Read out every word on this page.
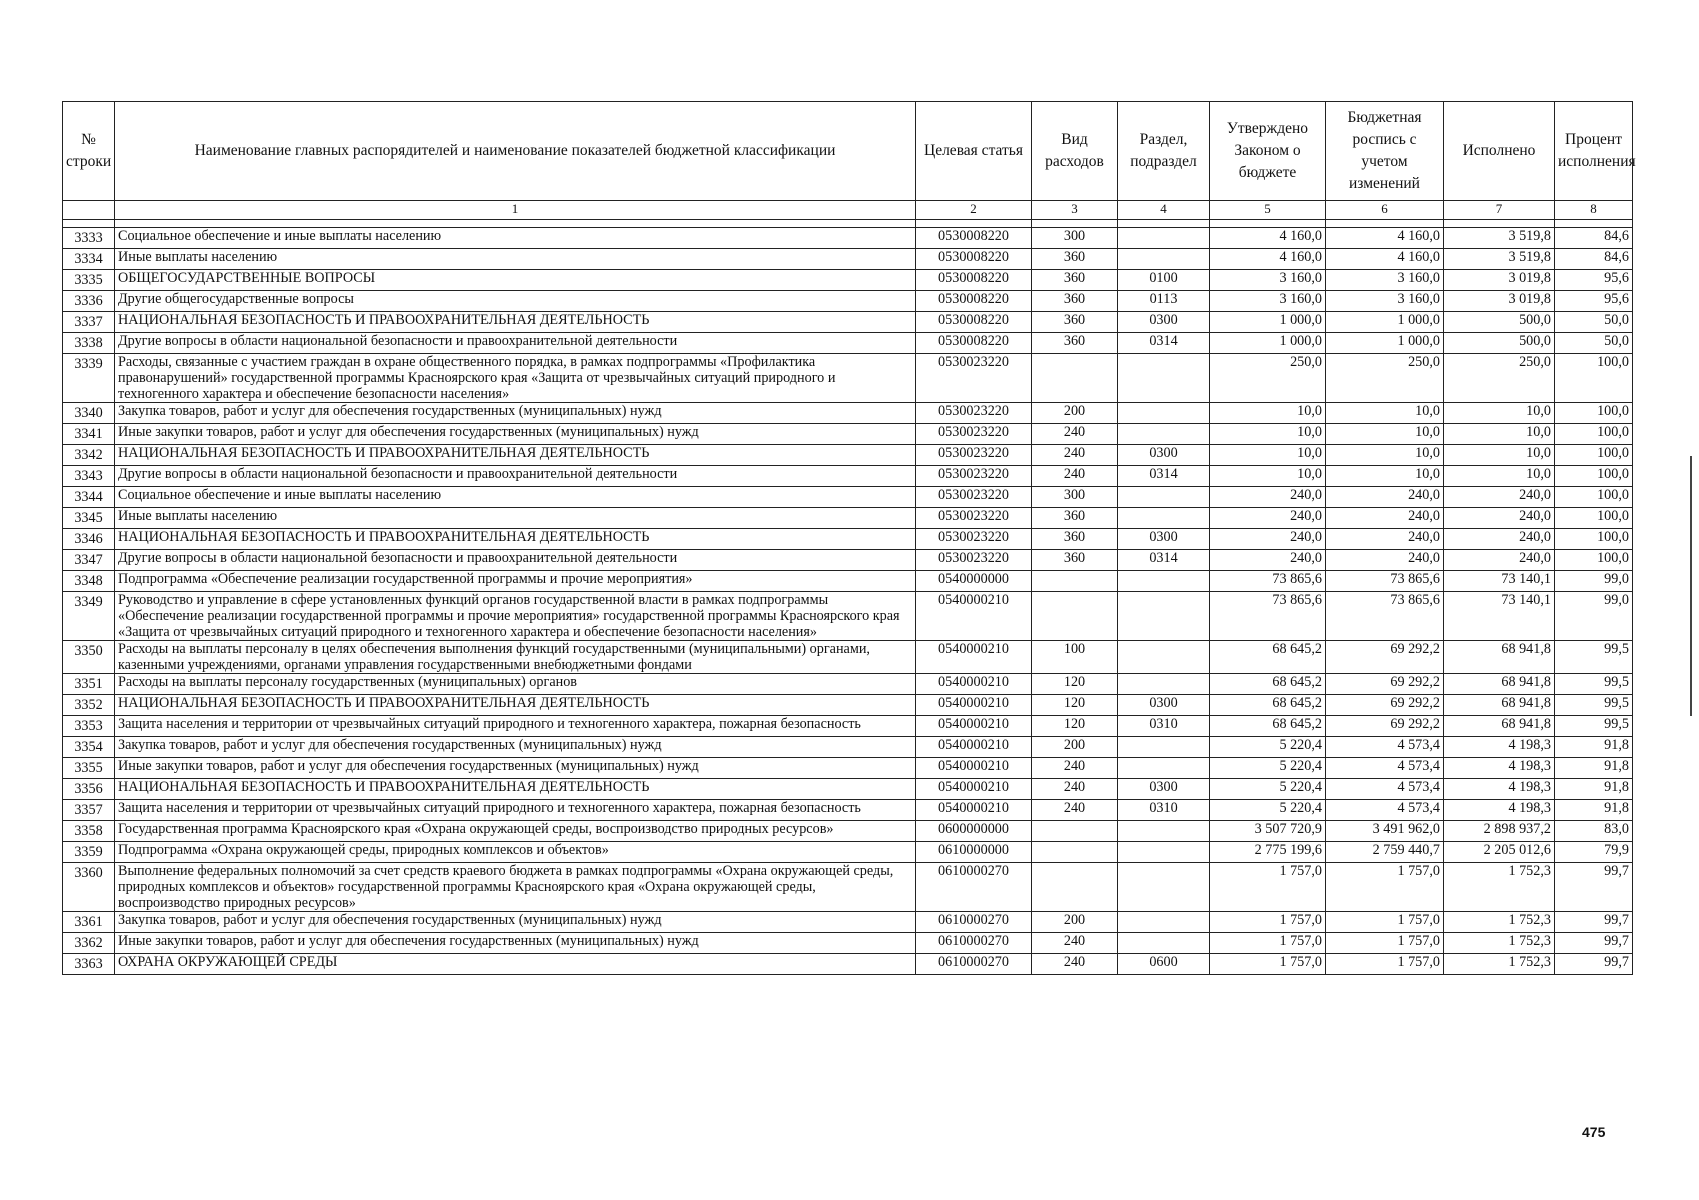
№ строки	Наименование главных распорядителей и наименование показателей бюджетной классификации	Целевая статья	Вид расходов	Раздел, подраздел	Утверждено Законом о бюджете	Бюджетная роспись с учетом изменений	Исполнено	Процент исполнения
	1	2	3	4	5	6	7	8

3333	Социальное обеспечение и иные выплаты населению	0530008220	300		4 160,0	4 160,0	3 519,8	84,6
3334	Иные выплаты населению	0530008220	360		4 160,0	4 160,0	3 519,8	84,6
3335	ОБЩЕГОСУДАРСТВЕННЫЕ ВОПРОСЫ	0530008220	360	0100	3 160,0	3 160,0	3 019,8	95,6
3336	Другие общегосударственные вопросы	0530008220	360	0113	3 160,0	3 160,0	3 019,8	95,6
3337	НАЦИОНАЛЬНАЯ БЕЗОПАСНОСТЬ И ПРАВООХРАНИТЕЛЬНАЯ ДЕЯТЕЛЬНОСТЬ	0530008220	360	0300	1 000,0	1 000,0	500,0	50,0
3338	Другие вопросы в области национальной безопасности и правоохранительной деятельности	0530008220	360	0314	1 000,0	1 000,0	500,0	50,0
3339	Расходы, связанные с участием граждан в охране общественного порядка, в рамках подпрограммы «Профилактика правонарушений» государственной программы Красноярского края «Защита от чрезвычайных ситуаций природного и техногенного характера и обеспечение безопасности населения»	0530023220			250,0	250,0	250,0	100,0
3340	Закупка товаров, работ и услуг для обеспечения государственных (муниципальных) нужд	0530023220	200		10,0	10,0	10,0	100,0
3341	Иные закупки товаров, работ и услуг для обеспечения государственных (муниципальных) нужд	0530023220	240		10,0	10,0	10,0	100,0
3342	НАЦИОНАЛЬНАЯ БЕЗОПАСНОСТЬ И ПРАВООХРАНИТЕЛЬНАЯ ДЕЯТЕЛЬНОСТЬ	0530023220	240	0300	10,0	10,0	10,0	100,0
3343	Другие вопросы в области национальной безопасности и правоохранительной деятельности	0530023220	240	0314	10,0	10,0	10,0	100,0
3344	Социальное обеспечение и иные выплаты населению	0530023220	300		240,0	240,0	240,0	100,0
3345	Иные выплаты населению	0530023220	360		240,0	240,0	240,0	100,0
3346	НАЦИОНАЛЬНАЯ БЕЗОПАСНОСТЬ И ПРАВООХРАНИТЕЛЬНАЯ ДЕЯТЕЛЬНОСТЬ	0530023220	360	0300	240,0	240,0	240,0	100,0
3347	Другие вопросы в области национальной безопасности и правоохранительной деятельности	0530023220	360	0314	240,0	240,0	240,0	100,0
3348	Подпрограмма «Обеспечение реализации государственной программы и прочие мероприятия»	0540000000			73 865,6	73 865,6	73 140,1	99,0
3349	Руководство и управление в сфере установленных функций органов государственной власти в рамках подпрограммы «Обеспечение реализации государственной программы и прочие мероприятия» государственной программы Красноярского края «Защита от чрезвычайных ситуаций природного и техногенного характера и обеспечение безопасности населения»	0540000210			73 865,6	73 865,6	73 140,1	99,0
3350	Расходы на выплаты персоналу в целях обеспечения выполнения функций государственными (муниципальными) органами, казенными учреждениями, органами управления государственными внебюджетными фондами	0540000210	100		68 645,2	69 292,2	68 941,8	99,5
3351	Расходы на выплаты персоналу государственных (муниципальных) органов	0540000210	120		68 645,2	69 292,2	68 941,8	99,5
3352	НАЦИОНАЛЬНАЯ БЕЗОПАСНОСТЬ И ПРАВООХРАНИТЕЛЬНАЯ ДЕЯТЕЛЬНОСТЬ	0540000210	120	0300	68 645,2	69 292,2	68 941,8	99,5
3353	Защита населения и территории от чрезвычайных ситуаций природного и техногенного характера, пожарная безопасность	0540000210	120	0310	68 645,2	69 292,2	68 941,8	99,5
3354	Закупка товаров, работ и услуг для обеспечения государственных (муниципальных) нужд	0540000210	200		5 220,4	4 573,4	4 198,3	91,8
3355	Иные закупки товаров, работ и услуг для обеспечения государственных (муниципальных) нужд	0540000210	240		5 220,4	4 573,4	4 198,3	91,8
3356	НАЦИОНАЛЬНАЯ БЕЗОПАСНОСТЬ И ПРАВООХРАНИТЕЛЬНАЯ ДЕЯТЕЛЬНОСТЬ	0540000210	240	0300	5 220,4	4 573,4	4 198,3	91,8
3357	Защита населения и территории от чрезвычайных ситуаций природного и техногенного характера, пожарная безопасность	0540000210	240	0310	5 220,4	4 573,4	4 198,3	91,8
3358	Государственная программа Красноярского края «Охрана окружающей среды, воспроизводство природных ресурсов»	0600000000			3 507 720,9	3 491 962,0	2 898 937,2	83,0
3359	Подпрограмма «Охрана окружающей среды, природных комплексов и объектов»	0610000000			2 775 199,6	2 759 440,7	2 205 012,6	79,9
3360	Выполнение федеральных полномочий за счет средств краевого бюджета в рамках подпрограммы «Охрана окружающей среды, природных комплексов и объектов» государственной программы Красноярского края «Охрана окружающей среды, воспроизводство природных ресурсов»	0610000270			1 757,0	1 757,0	1 752,3	99,7
3361	Закупка товаров, работ и услуг для обеспечения государственных (муниципальных) нужд	0610000270	200		1 757,0	1 757,0	1 752,3	99,7
3362	Иные закупки товаров, работ и услуг для обеспечения государственных (муниципальных) нужд	0610000270	240		1 757,0	1 757,0	1 752,3	99,7
3363	ОХРАНА ОКРУЖАЮЩЕЙ СРЕДЫ	0610000270	240	0600	1 757,0	1 757,0	1 752,3	99,7
475
